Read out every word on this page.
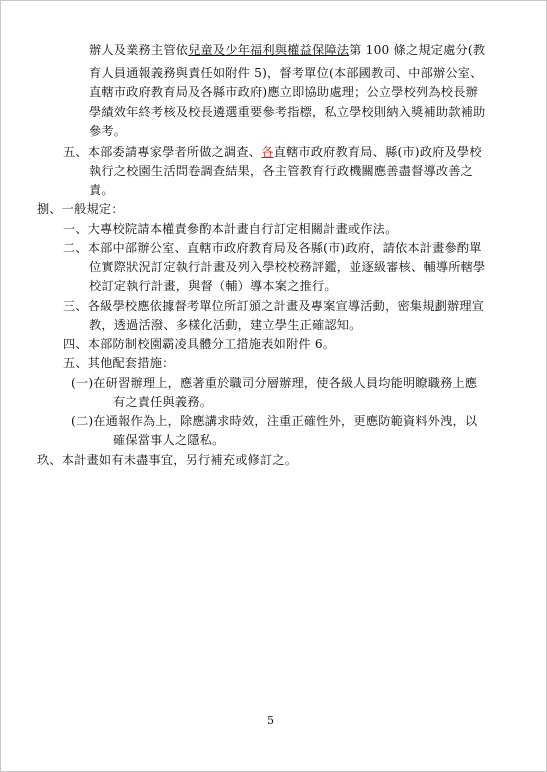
辦人及業務主管依兒童及少年福利與權益保障法第 100 條之規定處分(教
育人員通報義務與責任如附件 5)，督考單位(本部國教司、中部辦公室、
直轄市政府教育局及各縣市政府)應立即協助處理；公立學校列為校長辦
學績效年終考核及校長遴選重要參考指標，私立學校則納入獎補助款補助
參考。
五、本部委請專家學者所做之調查、各直轄市政府教育局、縣(市)政府及學校
執行之校園生活問卷調查結果，各主管教育行政機關應善盡督導改善之
責。
捌、一般規定：
一、大專校院請本權責參酌本計畫自行訂定相關計畫或作法。
二、本部中部辦公室、直轄市政府教育局及各縣(市)政府，請依本計畫參酌單
位實際狀況訂定執行計畫及列入學校校務評鑑，並逐級審核、輔導所轄學
校訂定執行計畫，與督（輔）導本案之推行。
三、各級學校應依據督考單位所訂頒之計畫及專案宣導活動，密集規劃辦理宣
教，透過活潑、多樣化活動，建立學生正確認知。
四、本部防制校園霸凌具體分工措施表如附件 6。
五、其他配套措施：
(一)在研習辦理上，應著重於職司分層辦理，使各級人員均能明瞭職務上應
有之責任與義務。
(二)在通報作為上，除應講求時效，注重正確性外，更應防範資料外洩，以
確保當事人之隱私。
玖、本計畫如有未盡事宜，另行補充或修訂之。
5
